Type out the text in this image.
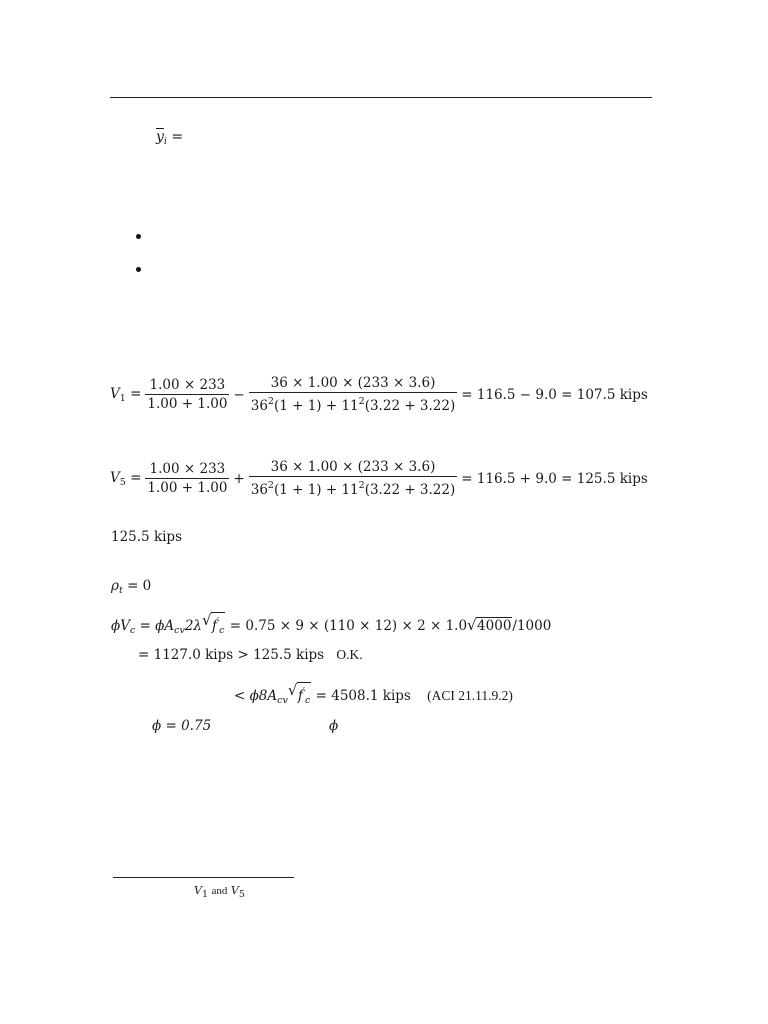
$\overline{y}_i$ =
$V_1 = \frac{1.00 \times 233}{1.00 + 1.00} - \frac{36 \times 1.00 \times (233 \times 3.6)}{36^2(1 + 1) + 11^2(3.22 + 3.22)} = 116.5 - 9.0 = 107.5$ kips
$V_5 = \frac{1.00 \times 233}{1.00 + 1.00} + \frac{36 \times 1.00 \times (233 \times 3.6)}{36^2(1 + 1) + 11^2(3.22 + 3.22)} = 116.5 + 9.0 = 125.5$ kips
125.5 kips
$\rho_t = 0$
$\phi V_c = \phi A_{cv}2\lambda$ √ $f'_c = 0.75 \times 9 \times (110 \times 12) \times 2 \times 1.0$ √ 4000/1000
= 1127.0 kips > 125.5 kips O.K.
< $\phi 8A_{cv}$
√ $f'_c = 4508.1$ kips (ACI 21.11.9.2)
ϕ = 0.75	ϕ
V1 and V5
